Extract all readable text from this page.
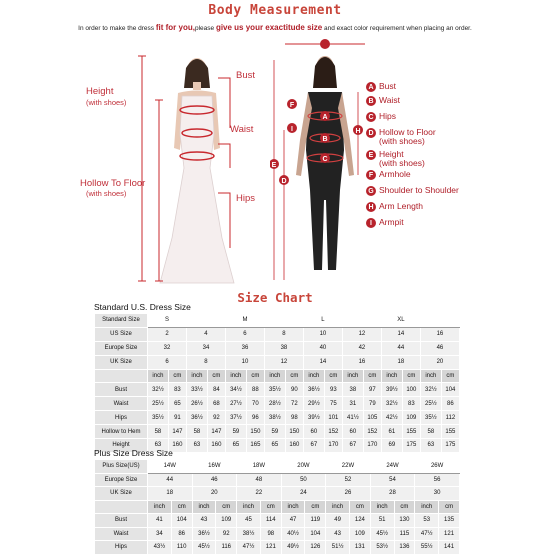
Body Measurement
In order to make the dress fit for you,please give us your exactitude size and exact color requirement when placing an order.
Height
(with shoes)
Hollow To Floor
(with shoes)
Bust
Waist
Hips
A
B
C
D
E
F
H
I
A Bust
B Waist
C Hips
D Hollow to Floor
(with shoes)
E Height
(with shoes)
F Armhole
G Shoulder to Shoulder
H Arm Length
I Armpit
Size Chart
Standard U.S. Dress Size
Standard Size	S				M				L				XL			
US Size	2		4		6		8		10		12		14		16	
Europe Size	32		34		36		38		40		42		44		46	
UK Size	6		8		10		12		14		16		18		20	
	inch	cm	inch	cm	inch	cm	inch	cm	inch	cm	inch	cm	inch	cm	inch	cm
Bust	32½	83	33½	84	34½	88	35½	90	36½	93	38	97	39½	100	32½	104
Waist	25½	65	26½	68	27½	70	28½	72	29½	75	31	79	32½	83	25½	86
Hips	35½	91	36½	92	37½	96	38½	98	39½	101	41½	105	42½	109	35½	112
Hollow to Hem	58	147	58	147	59	150	59	150	60	152	60	152	61	155	58	155
Height	63	160	63	160	65	165	65	160	67	170	67	170	69	175	63	175
Plus Size Dress Size
Plus Size(US)	14W		16W		18W		20W		22W		24W		26W	
Europe Size	44		46		48		50		52		54		56	
UK Size	18		20		22		24		26		28		30	
	inch	cm	inch	cm	inch	cm	inch	cm	inch	cm	inch	cm	inch	cm
Bust	41	104	43	109	45	114	47	119	49	124	51	130	53	135
Waist	34	86	36½	92	38½	98	40½	104	43	109	45½	115	47½	121
Hips	43½	110	45½	116	47½	121	49½	126	51½	131	53½	136	55½	141
